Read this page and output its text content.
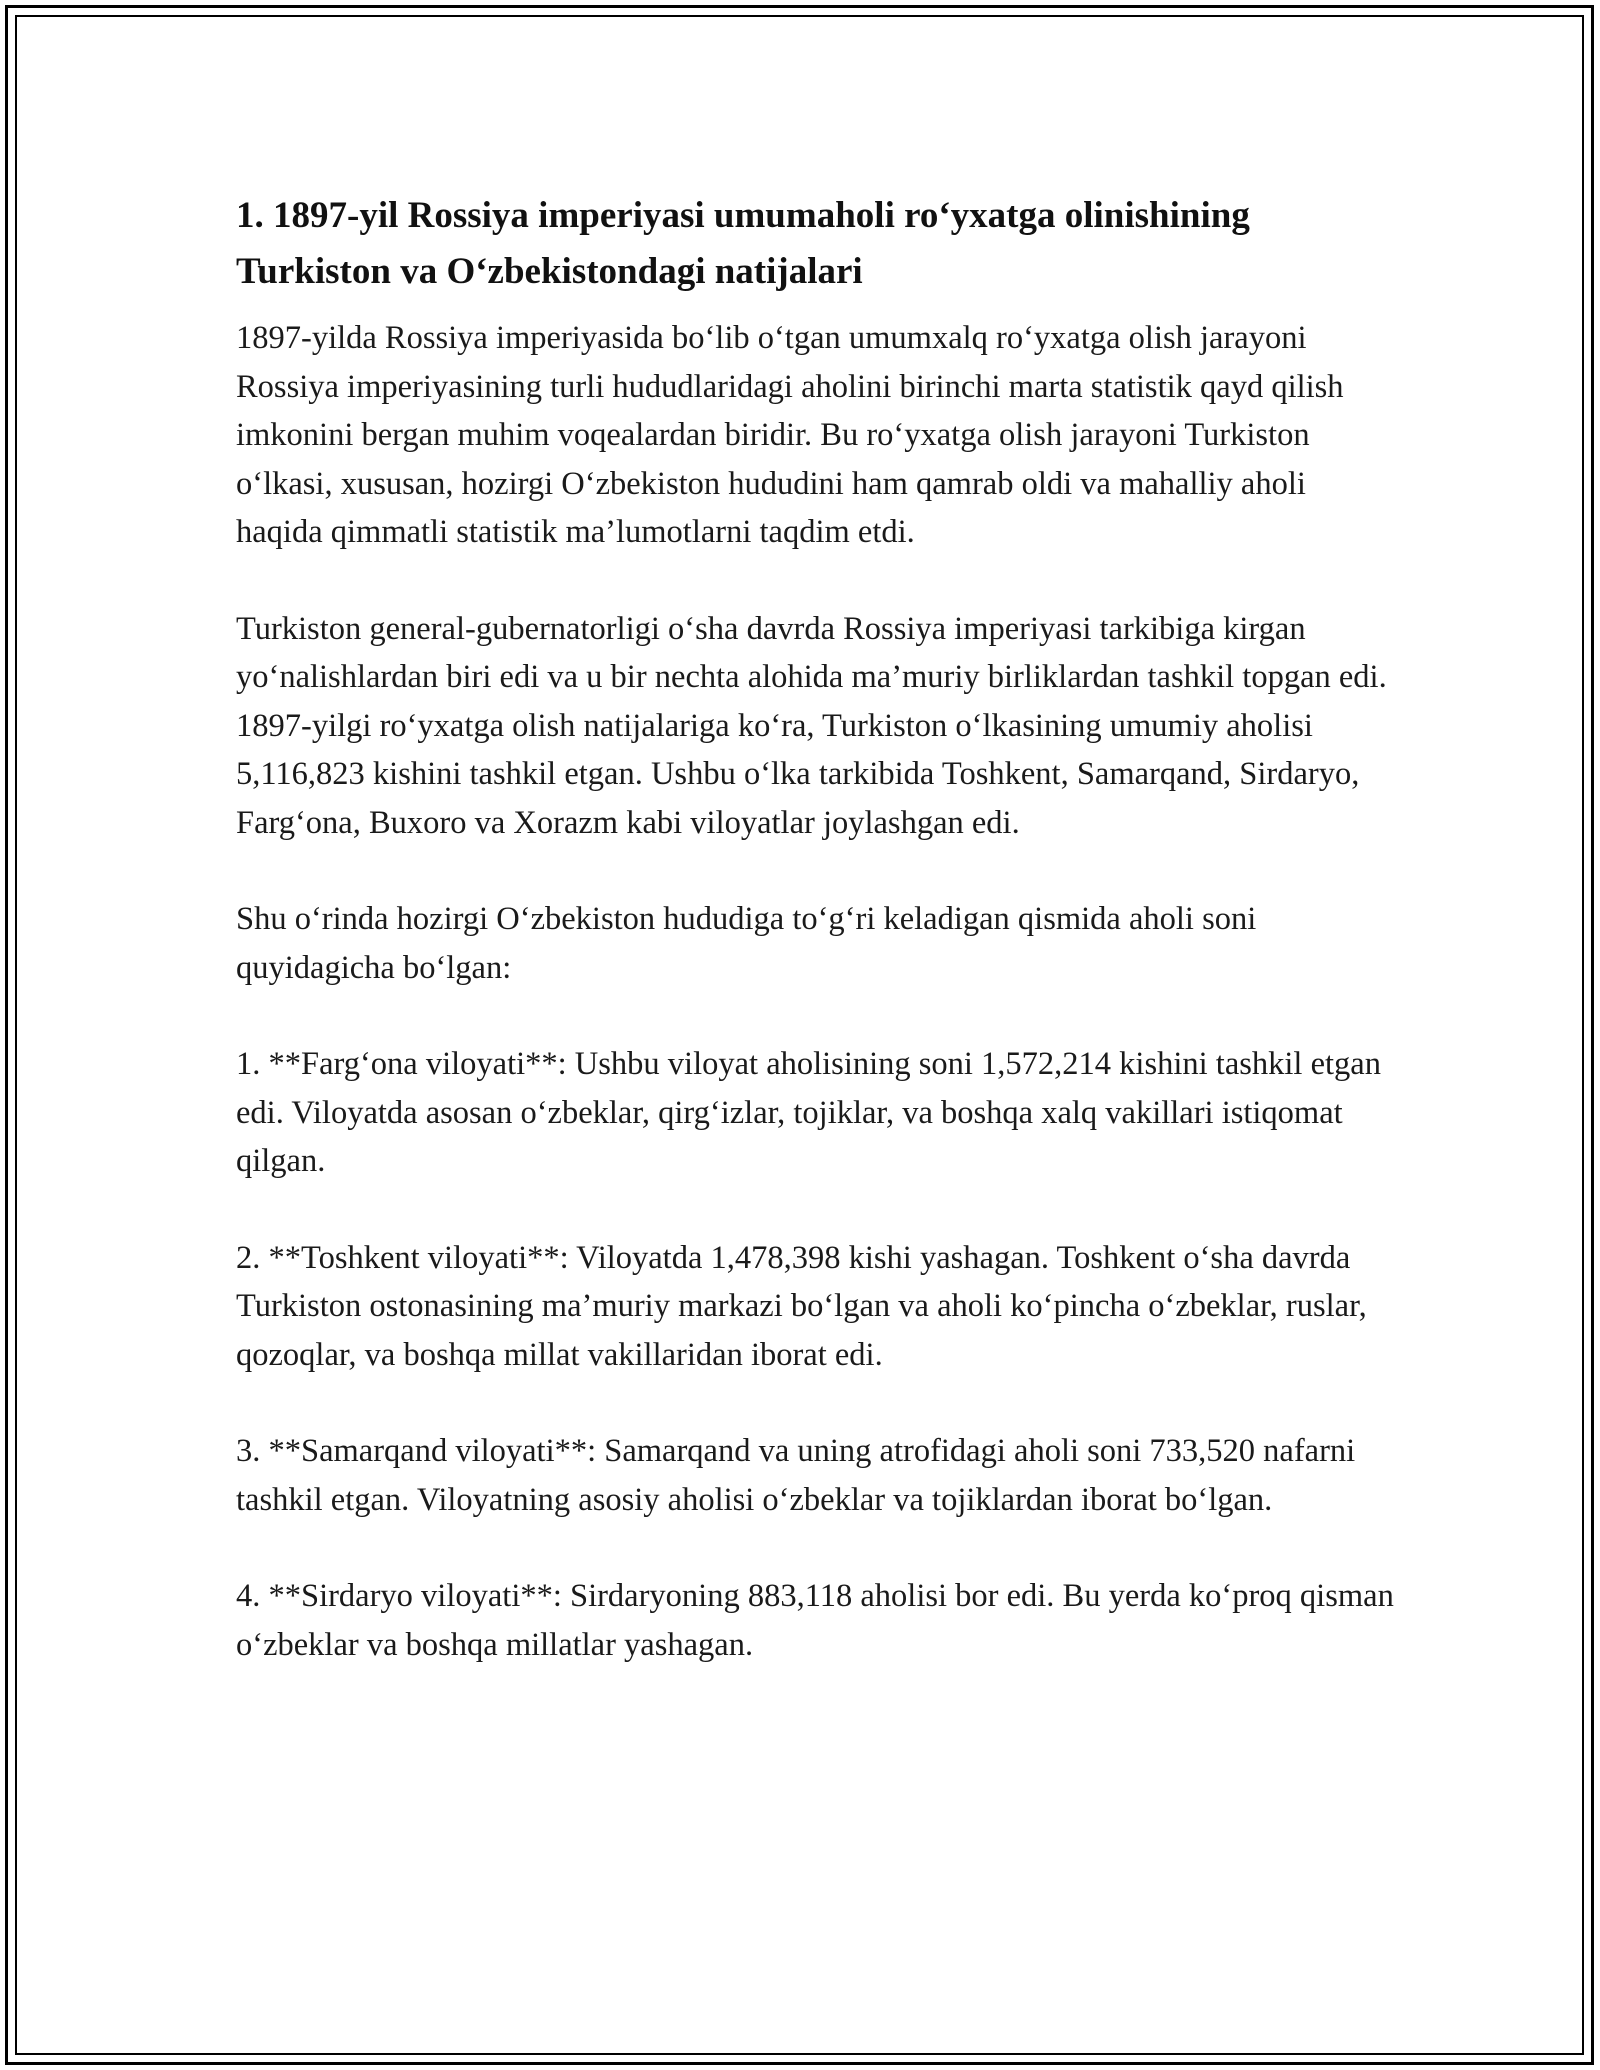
1. 1897-yil Rossiya imperiyasi umumaholi ro‘yxatga olinishining Turkiston va O‘zbekistondagi natijalari

1897-yilda Rossiya imperiyasida bo‘lib o‘tgan umumxalq ro‘yxatga olish jarayoni Rossiya imperiyasining turli hududlaridagi aholini birinchi marta statistik qayd qilish imkonini bergan muhim voqealardan biridir. Bu ro‘yxatga olish jarayoni Turkiston o‘lkasi, xususan, hozirgi O‘zbekiston hududini ham qamrab oldi va mahalliy aholi haqida qimmatli statistik ma’lumotlarni taqdim etdi.

Turkiston general-gubernatorligi o‘sha davrda Rossiya imperiyasi tarkibiga kirgan yo‘nalishlardan biri edi va u bir nechta alohida ma’muriy birliklardan tashkil topgan edi. 1897-yilgi ro‘yxatga olish natijalariga ko‘ra, Turkiston o‘lkasining umumiy aholisi 5,116,823 kishini tashkil etgan. Ushbu o‘lka tarkibida Toshkent, Samarqand, Sirdaryo, Farg‘ona, Buxoro va Xorazm kabi viloyatlar joylashgan edi.

Shu o‘rinda hozirgi O‘zbekiston hududiga to‘g‘ri keladigan qismida aholi soni quyidagicha bo‘lgan:

1. **Farg‘ona viloyati**: Ushbu viloyat aholisining soni 1,572,214 kishini tashkil etgan edi. Viloyatda asosan o‘zbeklar, qirg‘izlar, tojiklar, va boshqa xalq vakillari istiqomat qilgan.

2. **Toshkent viloyati**: Viloyatda 1,478,398 kishi yashagan. Toshkent o‘sha davrda Turkiston ostonasining ma’muriy markazi bo‘lgan va aholi ko‘pincha o‘zbeklar, ruslar, qozoqlar, va boshqa millat vakillaridan iborat edi.

3. **Samarqand viloyati**: Samarqand va uning atrofidagi aholi soni 733,520 nafarni tashkil etgan. Viloyatning asosiy aholisi o‘zbeklar va tojiklardan iborat bo‘lgan.

4. **Sirdaryo viloyati**: Sirdaryoning 883,118 aholisi bor edi. Bu yerda ko‘proq qisman o‘zbeklar va boshqa millatlar yashagan.
